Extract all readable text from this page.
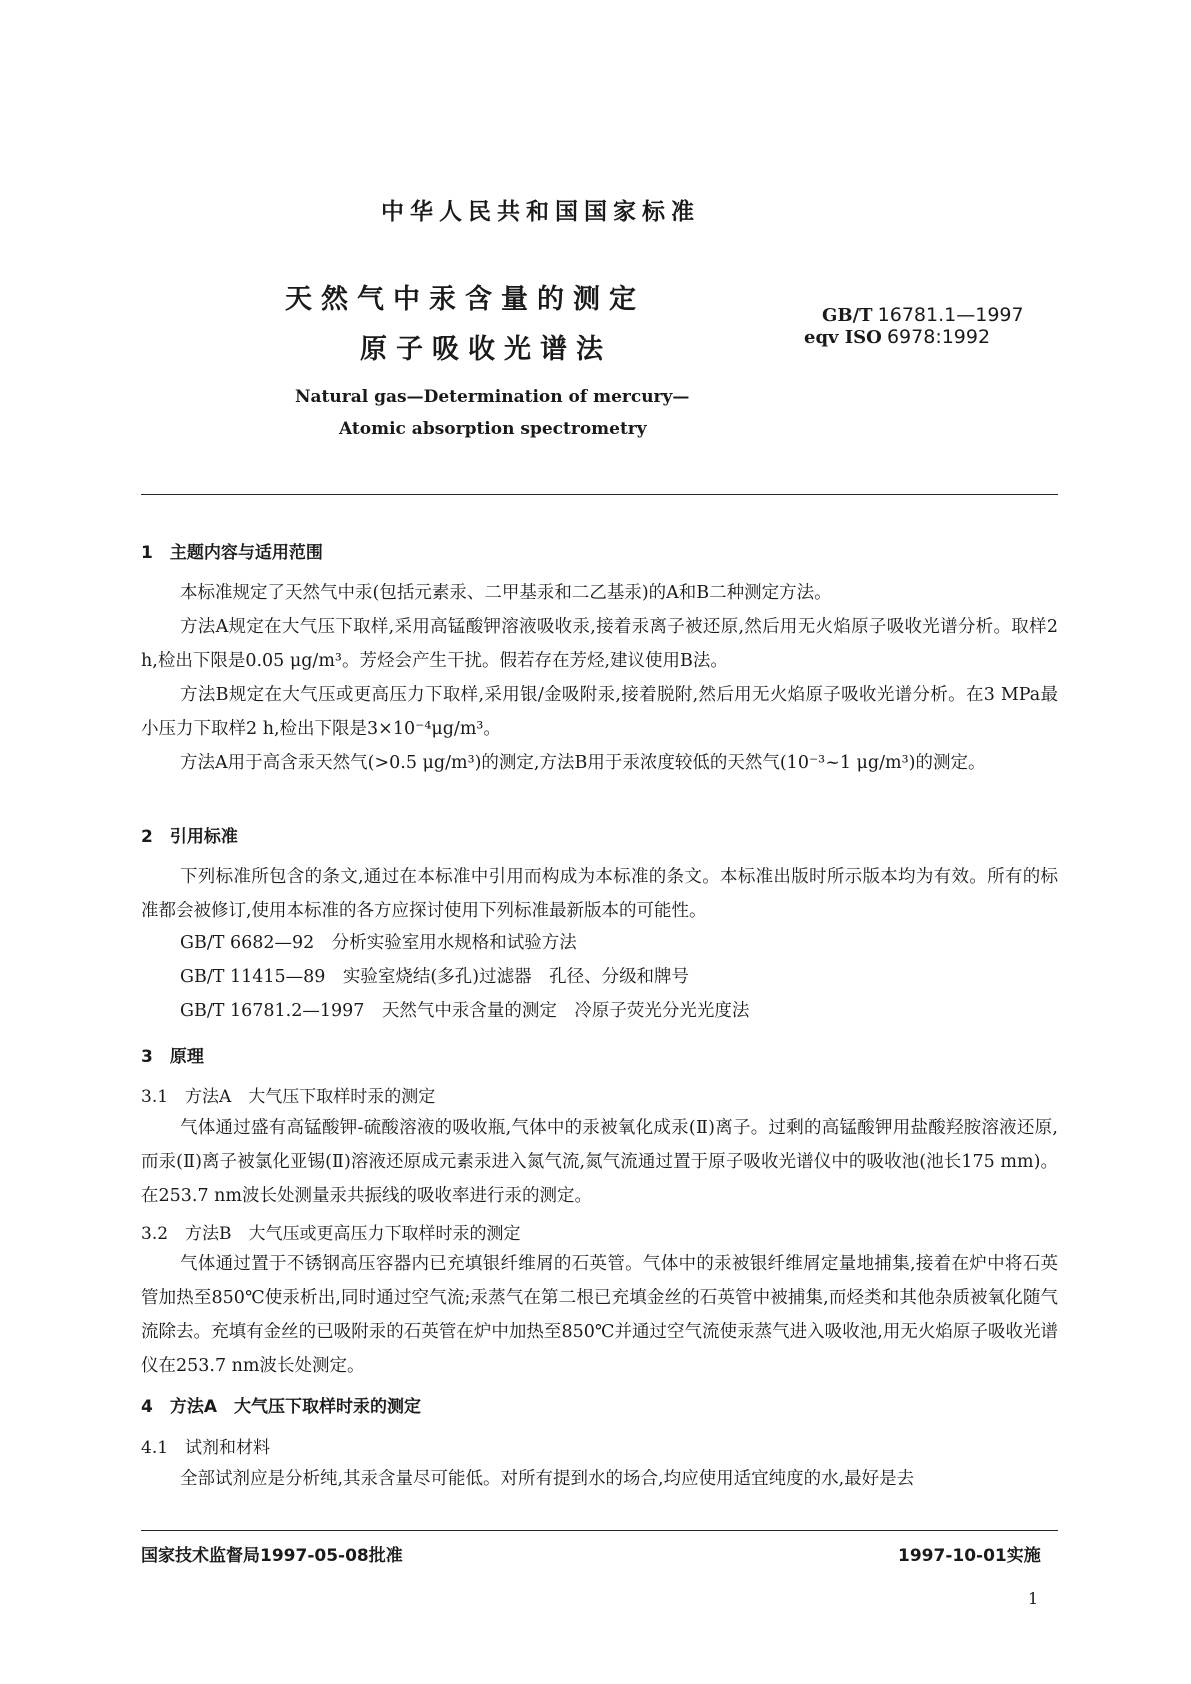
中华人民共和国国家标准
天然气中汞含量的测定
原子吸收光谱法
GB/T 16781.1—1997
eqv ISO 6978:1992
Natural gas—Determination of mercury—
Atomic absorption spectrometry
1　主题内容与适用范围
本标准规定了天然气中汞(包括元素汞、二甲基汞和二乙基汞)的A和B二种测定方法。
方法A规定在大气压下取样,采用高锰酸钾溶液吸收汞,接着汞离子被还原,然后用无火焰原子吸收光谱分析。取样2 h,检出下限是0.05 μg/m³。芳烃会产生干扰。假若存在芳烃,建议使用B法。
方法B规定在大气压或更高压力下取样,采用银/金吸附汞,接着脱附,然后用无火焰原子吸收光谱分析。在3 MPa最小压力下取样2 h,检出下限是3×10⁻⁴μg/m³。
方法A用于高含汞天然气(>0.5 μg/m³)的测定,方法B用于汞浓度较低的天然气(10⁻³~1 μg/m³)的测定。
2　引用标准
下列标准所包含的条文,通过在本标准中引用而构成为本标准的条文。本标准出版时所示版本均为有效。所有的标准都会被修订,使用本标准的各方应探讨使用下列标准最新版本的可能性。
GB/T 6682—92　分析实验室用水规格和试验方法
GB/T 11415—89　实验室烧结(多孔)过滤器　孔径、分级和牌号
GB/T 16781.2—1997　天然气中汞含量的测定　冷原子荧光分光光度法
3　原理
3.1　方法A　大气压下取样时汞的测定
气体通过盛有高锰酸钾-硫酸溶液的吸收瓶,气体中的汞被氧化成汞(Ⅱ)离子。过剩的高锰酸钾用盐酸羟胺溶液还原,而汞(Ⅱ)离子被氯化亚锡(Ⅱ)溶液还原成元素汞进入氮气流,氮气流通过置于原子吸收光谱仪中的吸收池(池长175 mm)。在253.7 nm波长处测量汞共振线的吸收率进行汞的测定。
3.2　方法B　大气压或更高压力下取样时汞的测定
气体通过置于不锈钢高压容器内已充填银纤维屑的石英管。气体中的汞被银纤维屑定量地捕集,接着在炉中将石英管加热至850℃使汞析出,同时通过空气流;汞蒸气在第二根已充填金丝的石英管中被捕集,而烃类和其他杂质被氧化随气流除去。充填有金丝的已吸附汞的石英管在炉中加热至850℃并通过空气流使汞蒸气进入吸收池,用无火焰原子吸收光谱仪在253.7 nm波长处测定。
4　方法A　大气压下取样时汞的测定
4.1　试剂和材料
全部试剂应是分析纯,其汞含量尽可能低。对所有提到水的场合,均应使用适宜纯度的水,最好是去
国家技术监督局1997-05-08批准	1997-10-01实施
1
